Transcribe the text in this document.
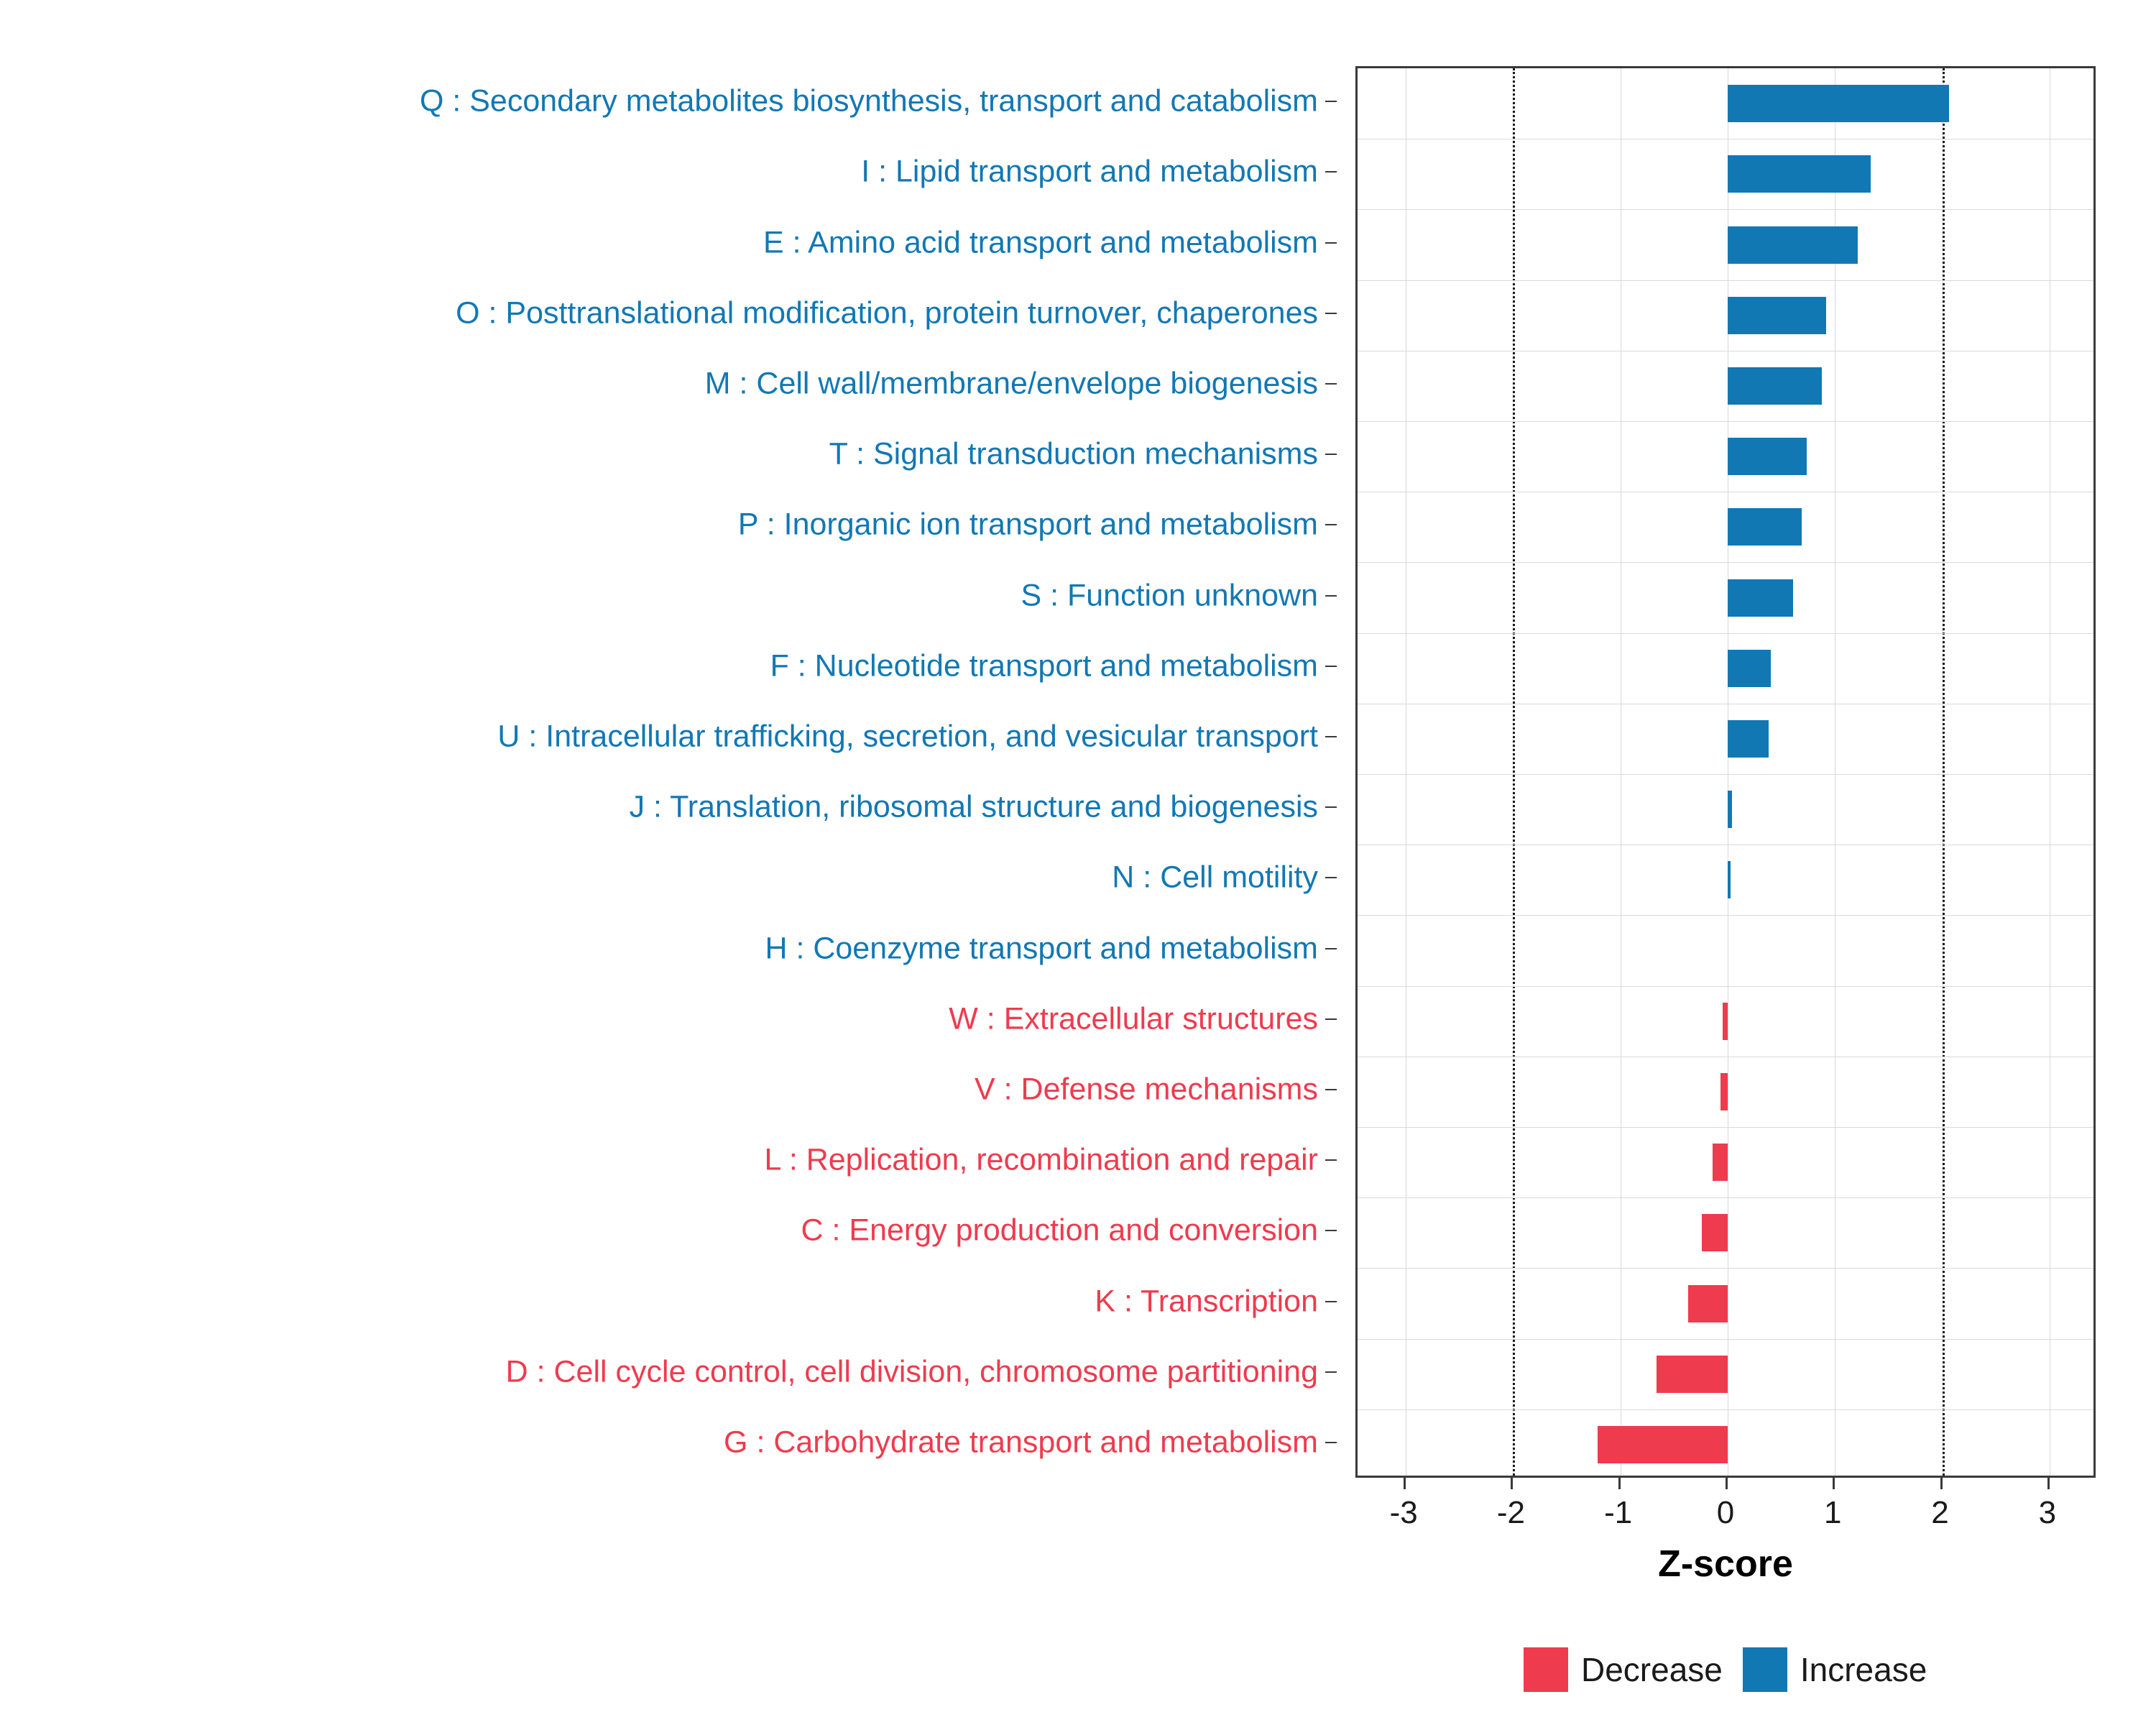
Q : Secondary metabolites biosynthesis, transport and catabolism
I : Lipid transport and metabolism
E : Amino acid transport and metabolism
O : Posttranslational modification, protein turnover, chaperones
M : Cell wall/membrane/envelope biogenesis
T : Signal transduction mechanisms
P : Inorganic ion transport and metabolism
S : Function unknown
F : Nucleotide transport and metabolism
U : Intracellular trafficking, secretion, and vesicular transport
J : Translation, ribosomal structure and biogenesis
N : Cell motility
H : Coenzyme transport and metabolism
W : Extracellular structures
V : Defense mechanisms
L : Replication, recombination and repair
C : Energy production and conversion
K : Transcription
D : Cell cycle control, cell division, chromosome partitioning
G : Carbohydrate transport and metabolism
-3	-2	-1	0	1	2	3
Z-score
Decrease Increase
